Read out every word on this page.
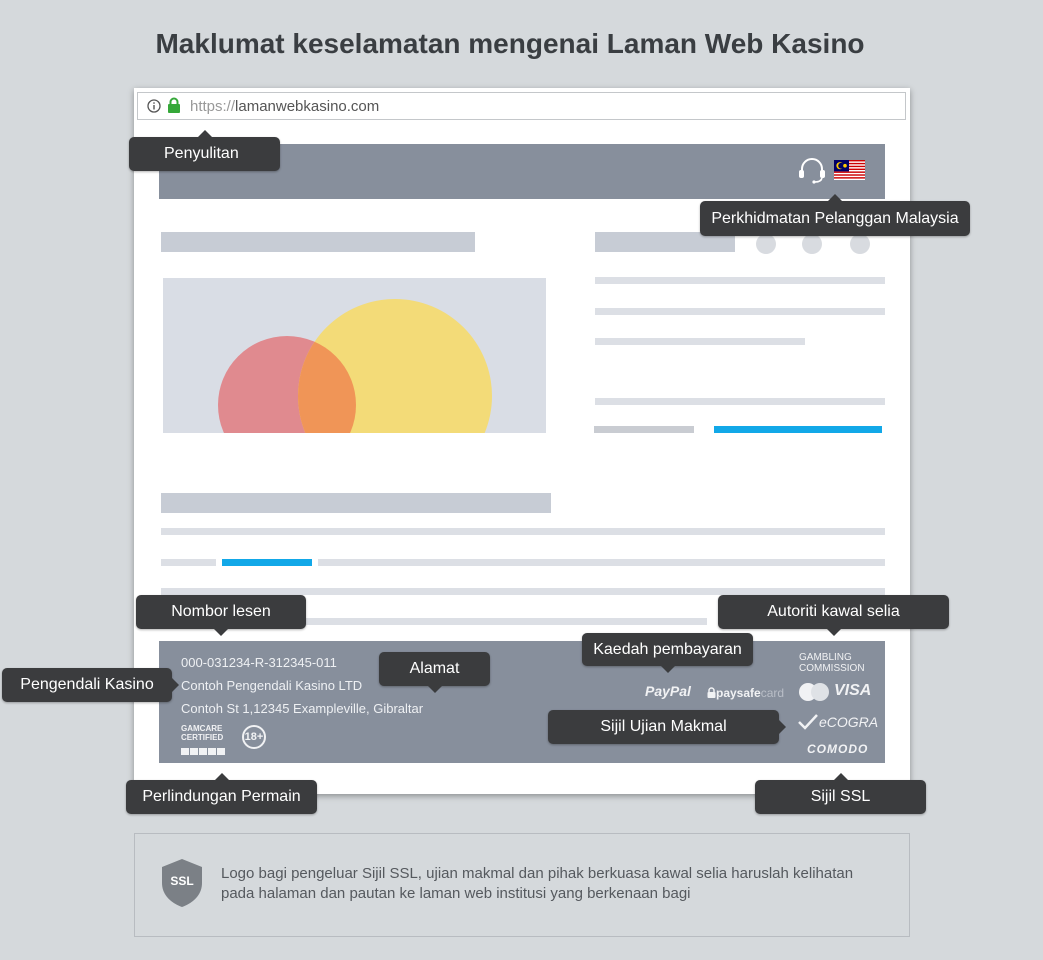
Maklumat keselamatan mengenai Laman Web Kasino
https://lamanwebkasino.com
000-031234-R-312345-011
Contoh Pengendali Kasino LTD
Contoh St 1,12345 Exampleville, Gibraltar
GAMCARE
CERTIFIED	18+
GAMBLING
COMMISSION
PayPal	paysafecard	VISA
eCOGRA
COMODO
Penyulitan
Perkhidmatan Pelanggan Malaysia
Nombor lesen	Autoriti kawal selia
Kaedah pembayaran
Alamat
Pengendali Kasino
Sijil Ujian Makmal
Perlindungan Permain	Sijil SSL
SSL	Logo bagi pengeluar Sijil SSL, ujian makmal dan pihak berkuasa kawal selia haruslah kelihatan pada halaman dan pautan ke laman web institusi yang berkenaan bagi
